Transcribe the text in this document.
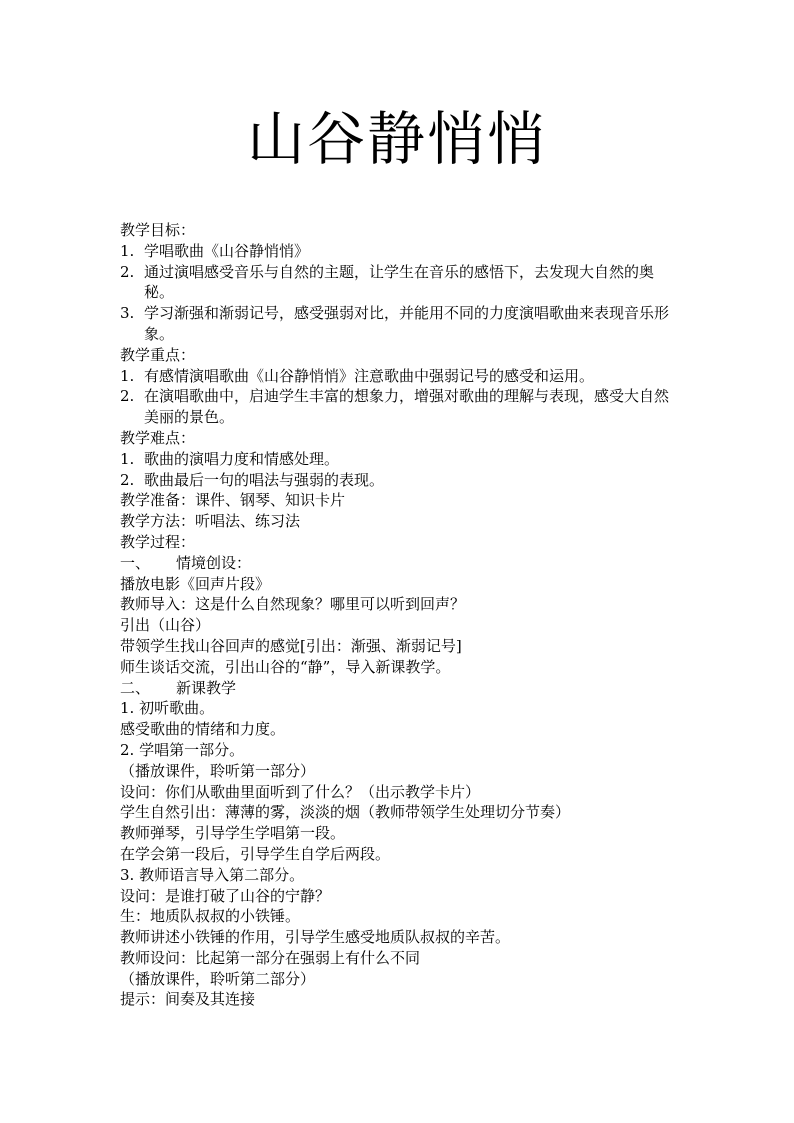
山谷静悄悄
教学目标：
1. 学唱歌曲《山谷静悄悄》
2. 通过演唱感受音乐与自然的主题，让学生在音乐的感悟下，去发现大自然的奥秘。
3. 学习渐强和渐弱记号，感受强弱对比，并能用不同的力度演唱歌曲来表现音乐形象。
教学重点：
1. 有感情演唱歌曲《山谷静悄悄》注意歌曲中强弱记号的感受和运用。
2. 在演唱歌曲中，启迪学生丰富的想象力，增强对歌曲的理解与表现，感受大自然美丽的景色。
教学难点：
1. 歌曲的演唱力度和情感处理。
2. 歌曲最后一句的唱法与强弱的表现。
教学准备：课件、钢琴、知识卡片
教学方法：听唱法、练习法
教学过程：
一、	情境创设：
播放电影《回声片段》
教师导入：这是什么自然现象？哪里可以听到回声？
引出（山谷）
带领学生找山谷回声的感觉[引出：渐强、渐弱记号]
师生谈话交流，引出山谷的“静”，导入新课教学。
二、	新课教学
1. 初听歌曲。
感受歌曲的情绪和力度。
2. 学唱第一部分。
（播放课件，聆听第一部分）
设问：你们从歌曲里面听到了什么？（出示教学卡片）
学生自然引出：薄薄的雾，淡淡的烟（教师带领学生处理切分节奏）
教师弹琴，引导学生学唱第一段。
在学会第一段后，引导学生自学后两段。
3. 教师语言导入第二部分。
设问：是谁打破了山谷的宁静？
生：地质队叔叔的小铁锤。
教师讲述小铁锤的作用，引导学生感受地质队叔叔的辛苦。
教师设问：比起第一部分在强弱上有什么不同
（播放课件，聆听第二部分）
提示：间奏及其连接
